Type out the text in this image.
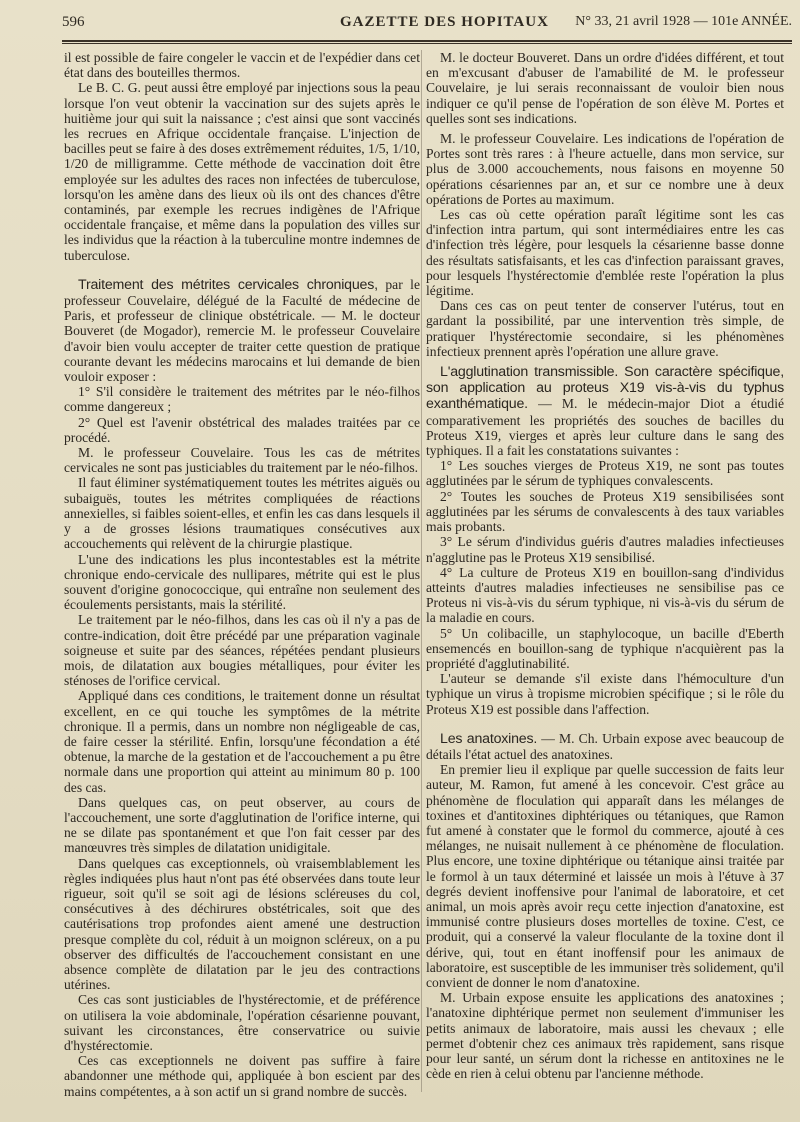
596	GAZETTE DES HOPITAUX N° 33, 21 avril 1928 — 101e ANNÉE.

il est possible de faire congeler le vaccin et de l'expédier dans cet état dans des bouteilles thermos.

Le B. C. G. peut aussi être employé par injections sous la peau lorsque l'on veut obtenir la vaccination sur des sujets après le huitième jour qui suit la naissance ; c'est ainsi que sont vaccinés les recrues en Afrique occidentale française. L'injection de bacilles peut se faire à des doses extrêmement réduites, 1/5, 1/10, 1/20 de milligramme. Cette méthode de vaccination doit être employée sur les adultes des races non infectées de tuberculose, lorsqu'on les amène dans des lieux où ils ont des chances d'être contaminés, par exemple les recrues indigènes de l'Afrique occidentale française, et même dans la population des villes sur les individus que la réaction à la tuberculine montre indemnes de tuberculose.

Traitement des métrites cervicales chroniques, par le professeur Couvelaire, délégué de la Faculté de médecine de Paris, et professeur de clinique obstétricale. — M. le docteur Bouveret (de Mogador), remercie M. le professeur Couvelaire d'avoir bien voulu accepter de traiter cette question de pratique courante devant les médecins marocains et lui demande de bien vouloir exposer :

1° S'il considère le traitement des métrites par le néo-filhos comme dangereux ;

2° Quel est l'avenir obstétrical des malades traitées par ce procédé.

M. le professeur Couvelaire. Tous les cas de métrites cervicales ne sont pas justiciables du traitement par le néo-filhos.

Il faut éliminer systématiquement toutes les métrites aiguës ou subaiguës, toutes les métrites compliquées de réactions annexielles, si faibles soient-elles, et enfin les cas dans lesquels il y a de grosses lésions traumatiques consécutives aux accouchements qui relèvent de la chirurgie plastique.

L'une des indications les plus incontestables est la métrite chronique endo-cervicale des nullipares, métrite qui est le plus souvent d'origine gonococcique, qui entraîne non seulement des écoulements persistants, mais la stérilité.

Le traitement par le néo-filhos, dans les cas où il n'y a pas de contre-indication, doit être précédé par une préparation vaginale soigneuse et suite par des séances, répétées pendant plusieurs mois, de dilatation aux bougies métalliques, pour éviter les sténoses de l'orifice cervical.

Appliqué dans ces conditions, le traitement donne un résultat excellent, en ce qui touche les symptômes de la métrite chronique. Il a permis, dans un nombre non négligeable de cas, de faire cesser la stérilité. Enfin, lorsqu'une fécondation a été obtenue, la marche de la gestation et de l'accouchement a pu être normale dans une proportion qui atteint au minimum 80 p. 100 des cas.

Dans quelques cas, on peut observer, au cours de l'accouchement, une sorte d'agglutination de l'orifice interne, qui ne se dilate pas spontanément et que l'on fait cesser par des manœuvres très simples de dilatation unidigitale.

Dans quelques cas exceptionnels, où vraisemblablement les règles indiquées plus haut n'ont pas été observées dans toute leur rigueur, soit qu'il se soit agi de lésions scléreuses du col, consécutives à des déchirures obstétricales, soit que des cautérisations trop profondes aient amené une destruction presque complète du col, réduit à un moignon scléreux, on a pu observer des difficultés de l'accouchement consistant en une absence complète de dilatation par le jeu des contractions utérines.

Ces cas sont justiciables de l'hystérectomie, et de préférence on utilisera la voie abdominale, l'opération césarienne pouvant, suivant les circonstances, être conservatrice ou suivie d'hystérectomie.

Ces cas exceptionnels ne doivent pas suffire à faire abandonner une méthode qui, appliquée à bon escient par des mains compétentes, a à son actif un si grand nombre de succès.

M. le docteur Bouveret. Dans un ordre d'idées différent, et tout en m'excusant d'abuser de l'amabilité de M. le professeur Couvelaire, je lui serais reconnaissant de vouloir bien nous indiquer ce qu'il pense de l'opération de son élève M. Portes et quelles sont ses indications.

M. le professeur Couvelaire. Les indications de l'opération de Portes sont très rares : à l'heure actuelle, dans mon service, sur plus de 3.000 accouchements, nous faisons en moyenne 50 opérations césariennes par an, et sur ce nombre une à deux opérations de Portes au maximum.

Les cas où cette opération paraît légitime sont les cas d'infection intra partum, qui sont intermédiaires entre les cas d'infection très légère, pour lesquels la césarienne basse donne des résultats satisfaisants, et les cas d'infection paraissant graves, pour lesquels l'hystérectomie d'emblée reste l'opération la plus légitime.

Dans ces cas on peut tenter de conserver l'utérus, tout en gardant la possibilité, par une intervention très simple, de pratiquer l'hystérectomie secondaire, si les phénomènes infectieux prennent après l'opération une allure grave.

L'agglutination transmissible. Son caractère spécifique, son application au proteus X19 vis-à-vis du typhus exanthématique. — M. le médecin-major Diot a étudié comparativement les propriétés des souches de bacilles du Proteus X19, vierges et après leur culture dans le sang des typhiques. Il a fait les constatations suivantes :

1° Les souches vierges de Proteus X19, ne sont pas toutes agglutinées par le sérum de typhiques convalescents.

2° Toutes les souches de Proteus X19 sensibilisées sont agglutinées par les sérums de convalescents à des taux variables mais probants.

3° Le sérum d'individus guéris d'autres maladies infectieuses n'agglutine pas le Proteus X19 sensibilisé.

4° La culture de Proteus X19 en bouillon-sang d'individus atteints d'autres maladies infectieuses ne sensibilise pas ce Proteus ni vis-à-vis du sérum typhique, ni vis-à-vis du sérum de la maladie en cours.

5° Un colibacille, un staphylocoque, un bacille d'Eberth ensemencés en bouillon-sang de typhique n'acquièrent pas la propriété d'agglutinabilité.

L'auteur se demande s'il existe dans l'hémoculture d'un typhique un virus à tropisme microbien spécifique ; si le rôle du Proteus X19 est possible dans l'affection.

Les anatoxines. — M. Ch. Urbain expose avec beaucoup de détails l'état actuel des anatoxines.

En premier lieu il explique par quelle succession de faits leur auteur, M. Ramon, fut amené à les concevoir. C'est grâce au phénomène de floculation qui apparaît dans les mélanges de toxines et d'antitoxines diphtériques ou tétaniques, que Ramon fut amené à constater que le formol du commerce, ajouté à ces mélanges, ne nuisait nullement à ce phénomène de floculation. Plus encore, une toxine diphtérique ou tétanique ainsi traitée par le formol à un taux déterminé et laissée un mois à l'étuve à 37 degrés devient inoffensive pour l'animal de laboratoire, et cet animal, un mois après avoir reçu cette injection d'anatoxine, est immunisé contre plusieurs doses mortelles de toxine. C'est, ce produit, qui a conservé la valeur floculante de la toxine dont il dérive, qui, tout en étant inoffensif pour les animaux de laboratoire, est susceptible de les immuniser très solidement, qu'il convient de donner le nom d'anatoxine.

M. Urbain expose ensuite les applications des anatoxines ; l'anatoxine diphtérique permet non seulement d'immuniser les petits animaux de laboratoire, mais aussi les chevaux ; elle permet d'obtenir chez ces animaux très rapidement, sans risque pour leur santé, un sérum dont la richesse en antitoxines ne le cède en rien à celui obtenu par l'ancienne méthode.
